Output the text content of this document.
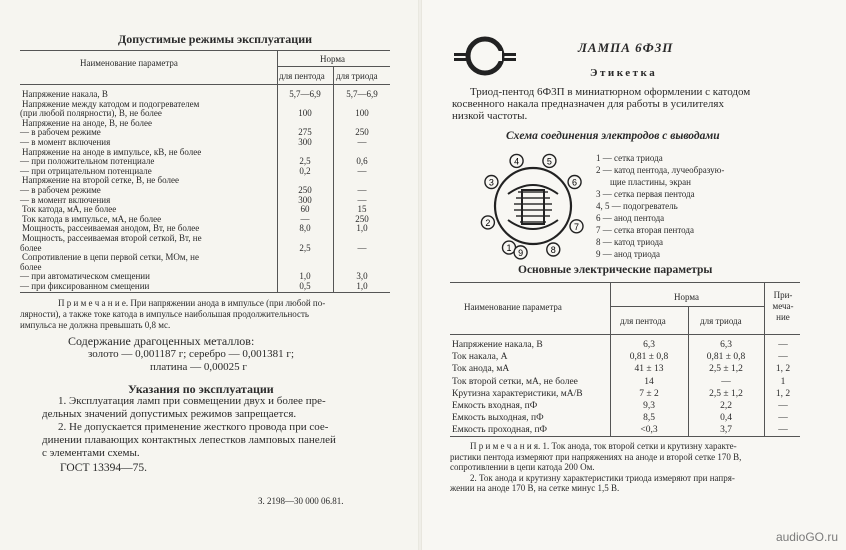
Допустимые режимы эксплуатации
Наименование параметра	Норма
для пентода для триода
Напряжение накала, В	5,7—6,9	5,7—6,9
Напряжение между катодом и подогревателем
(при любой полярности), В, не более	100	100
Напряжение на аноде, В, не более
— в рабочем режиме	275	250
— в момент включения	300	—
Напряжение на аноде в импульсе, кВ, не более
— при положительном потенциале	2,5	0,6
— при отрицательном потенциале	0,2	—
Напряжение на второй сетке, В, не более
— в рабочем режиме	250	—
— в момент включения	300	—
Ток катода, мА, не более	60	15
Ток катода в импульсе, мА, не более	—	250
Мощность, рассеиваемая анодом, Вт, не более	8,0	1,0
Мощность, рассеиваемая второй сеткой, Вт, не
более	2,5	—
Сопротивление в цепи первой сетки, МОм, не
более
— при автоматическом смещении	1,0	3,0
— при фиксированном смещении	0,5	1,0
П р и м е ч а н и е. При напряжении анода в импульсе (при любой по-
лярности), а также токе катода в импульсе наибольшая продолжительность
импульса не должна превышать 0,8 мс.
Содержание драгоценных металлов:
золото — 0,001187 г; серебро — 0,001381 г;
платина — 0,00025 г
Указания по эксплуатации
1. Эксплуатация ламп при совмещении двух и более пре-
дельных значений допустимых режимов запрещается.
2. Не допускается применение жесткого провода при сое-
динении плавающих контактных лепестков ламповых панелей
с элементами схемы.
ГОСТ 13394—75.
З. 2198—30 000 06.81.
ЛАМПА 6Ф3П
Этикетка
Триод-пентод 6Ф3П в миниатюрном оформлении с катодом
косвенного накала предназначен для работы в усилителях
низкой частоты.
Схема соединения электродов с выводами
1
2
3
4	5
6
7
8
9
1 — сетка триода
2 — катод пентода, лучеобразую-
щие пластины, экран
3 — сетка первая пентода
4, 5 — подогреватель
6 — анод пентода
7 — сетка вторая пентода
8 — катод триода
9 — анод триода
Основные электрические параметры
Наименование параметра
Норма
для пентода	для триода
При-
меча-
ние
Напряжение накала, В	6,3	6,3	—
Ток накала, А	0,81 ± 0,8	0,81 ± 0,8	—
Ток анода, мА	41 ± 13	2,5 ± 1,2	1, 2
Ток второй сетки, мА, не более	14	—	1
Крутизна характеристики, мА/В	7 ± 2	2,5 ± 1,2	1, 2
Емкость входная, пФ	9,3	2,2	—
Емкость выходная, пФ	8,5	0,4	—
Емкость проходная, пФ	<0,3	3,7	—
П р и м е ч а н и я. 1. Ток анода, ток второй сетки и крутизну характе-
ристики пентода измеряют при напряжениях на аноде и второй сетке 170 В,
сопротивлении в цепи катода 200 Ом.
2. Ток анода и крутизну характеристики триода измеряют при напря-
жении на аноде 170 В, на сетке минус 1,5 В.
audioGO.ru
